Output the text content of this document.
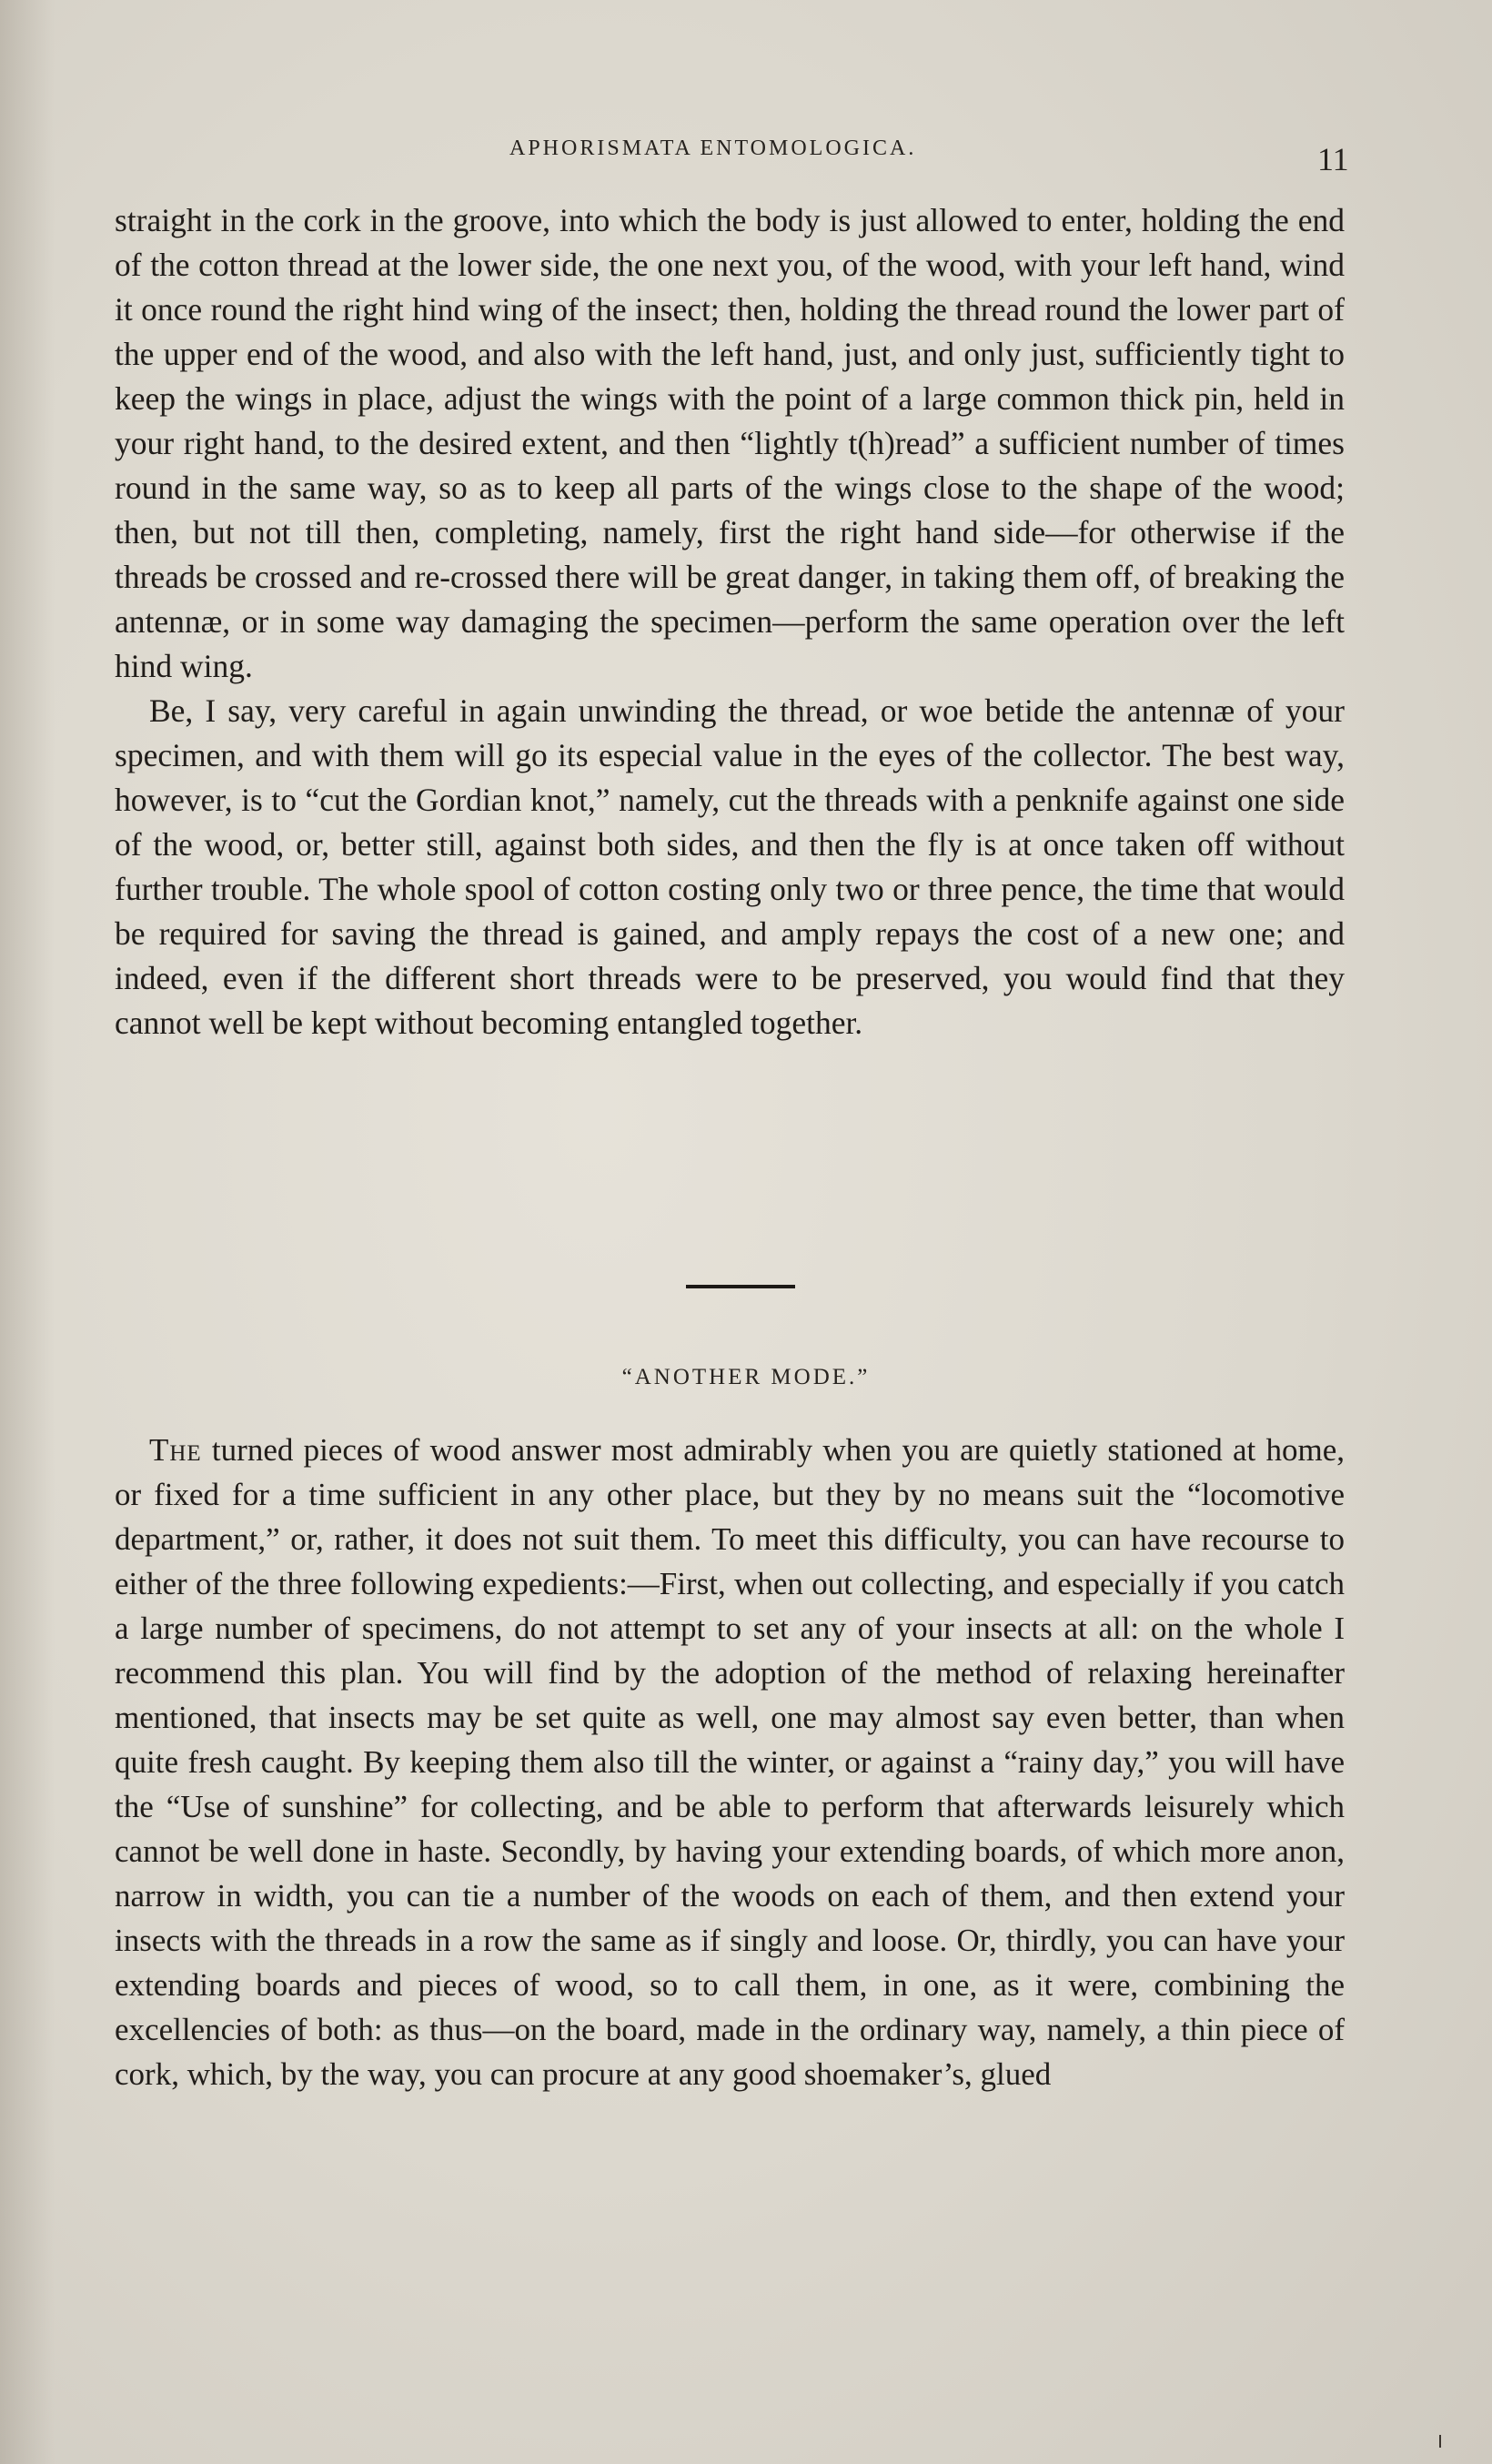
APHORISMATA ENTOMOLOGICA.	11

straight in the cork in the groove, into which the body is just allowed to enter, holding the end of the cotton thread at the lower side, the one next you, of the wood, with your left hand, wind it once round the right hind wing of the insect; then, holding the thread round the lower part of the upper end of the wood, and also with the left hand, just, and only just, sufficiently tight to keep the wings in place, adjust the wings with the point of a large common thick pin, held in your right hand, to the desired extent, and then “lightly t(h)read” a sufficient number of times round in the same way, so as to keep all parts of the wings close to the shape of the wood; then, but not till then, completing, namely, first the right hand side—for otherwise if the threads be crossed and re-crossed there will be great danger, in taking them off, of breaking the antennæ, or in some way damaging the specimen—perform the same operation over the left hind wing.

Be, I say, very careful in again unwinding the thread, or woe betide the antennæ of your specimen, and with them will go its especial value in the eyes of the collector. The best way, however, is to “cut the Gordian knot,” namely, cut the threads with a penknife against one side of the wood, or, better still, against both sides, and then the fly is at once taken off without further trouble. The whole spool of cotton costing only two or three pence, the time that would be required for saving the thread is gained, and amply repays the cost of a new one; and indeed, even if the different short threads were to be preserved, you would find that they cannot well be kept without becoming entangled together.

“ANOTHER MODE.”

The turned pieces of wood answer most admirably when you are quietly stationed at home, or fixed for a time sufficient in any other place, but they by no means suit the “locomotive department,” or, rather, it does not suit them. To meet this difficulty, you can have recourse to either of the three following expedients:—First, when out collecting, and especially if you catch a large number of specimens, do not attempt to set any of your insects at all: on the whole I recommend this plan. You will find by the adoption of the method of relaxing hereinafter mentioned, that insects may be set quite as well, one may almost say even better, than when quite fresh caught. By keeping them also till the winter, or against a “rainy day,” you will have the “Use of sunshine” for collecting, and be able to perform that afterwards leisurely which cannot be well done in haste. Secondly, by having your extending boards, of which more anon, narrow in width, you can tie a number of the woods on each of them, and then extend your insects with the threads in a row the same as if singly and loose. Or, thirdly, you can have your extending boards and pieces of wood, so to call them, in one, as it were, combining the excellencies of both: as thus—on the board, made in the ordinary way, namely, a thin piece of cork, which, by the way, you can procure at any good shoemaker’s, glued
